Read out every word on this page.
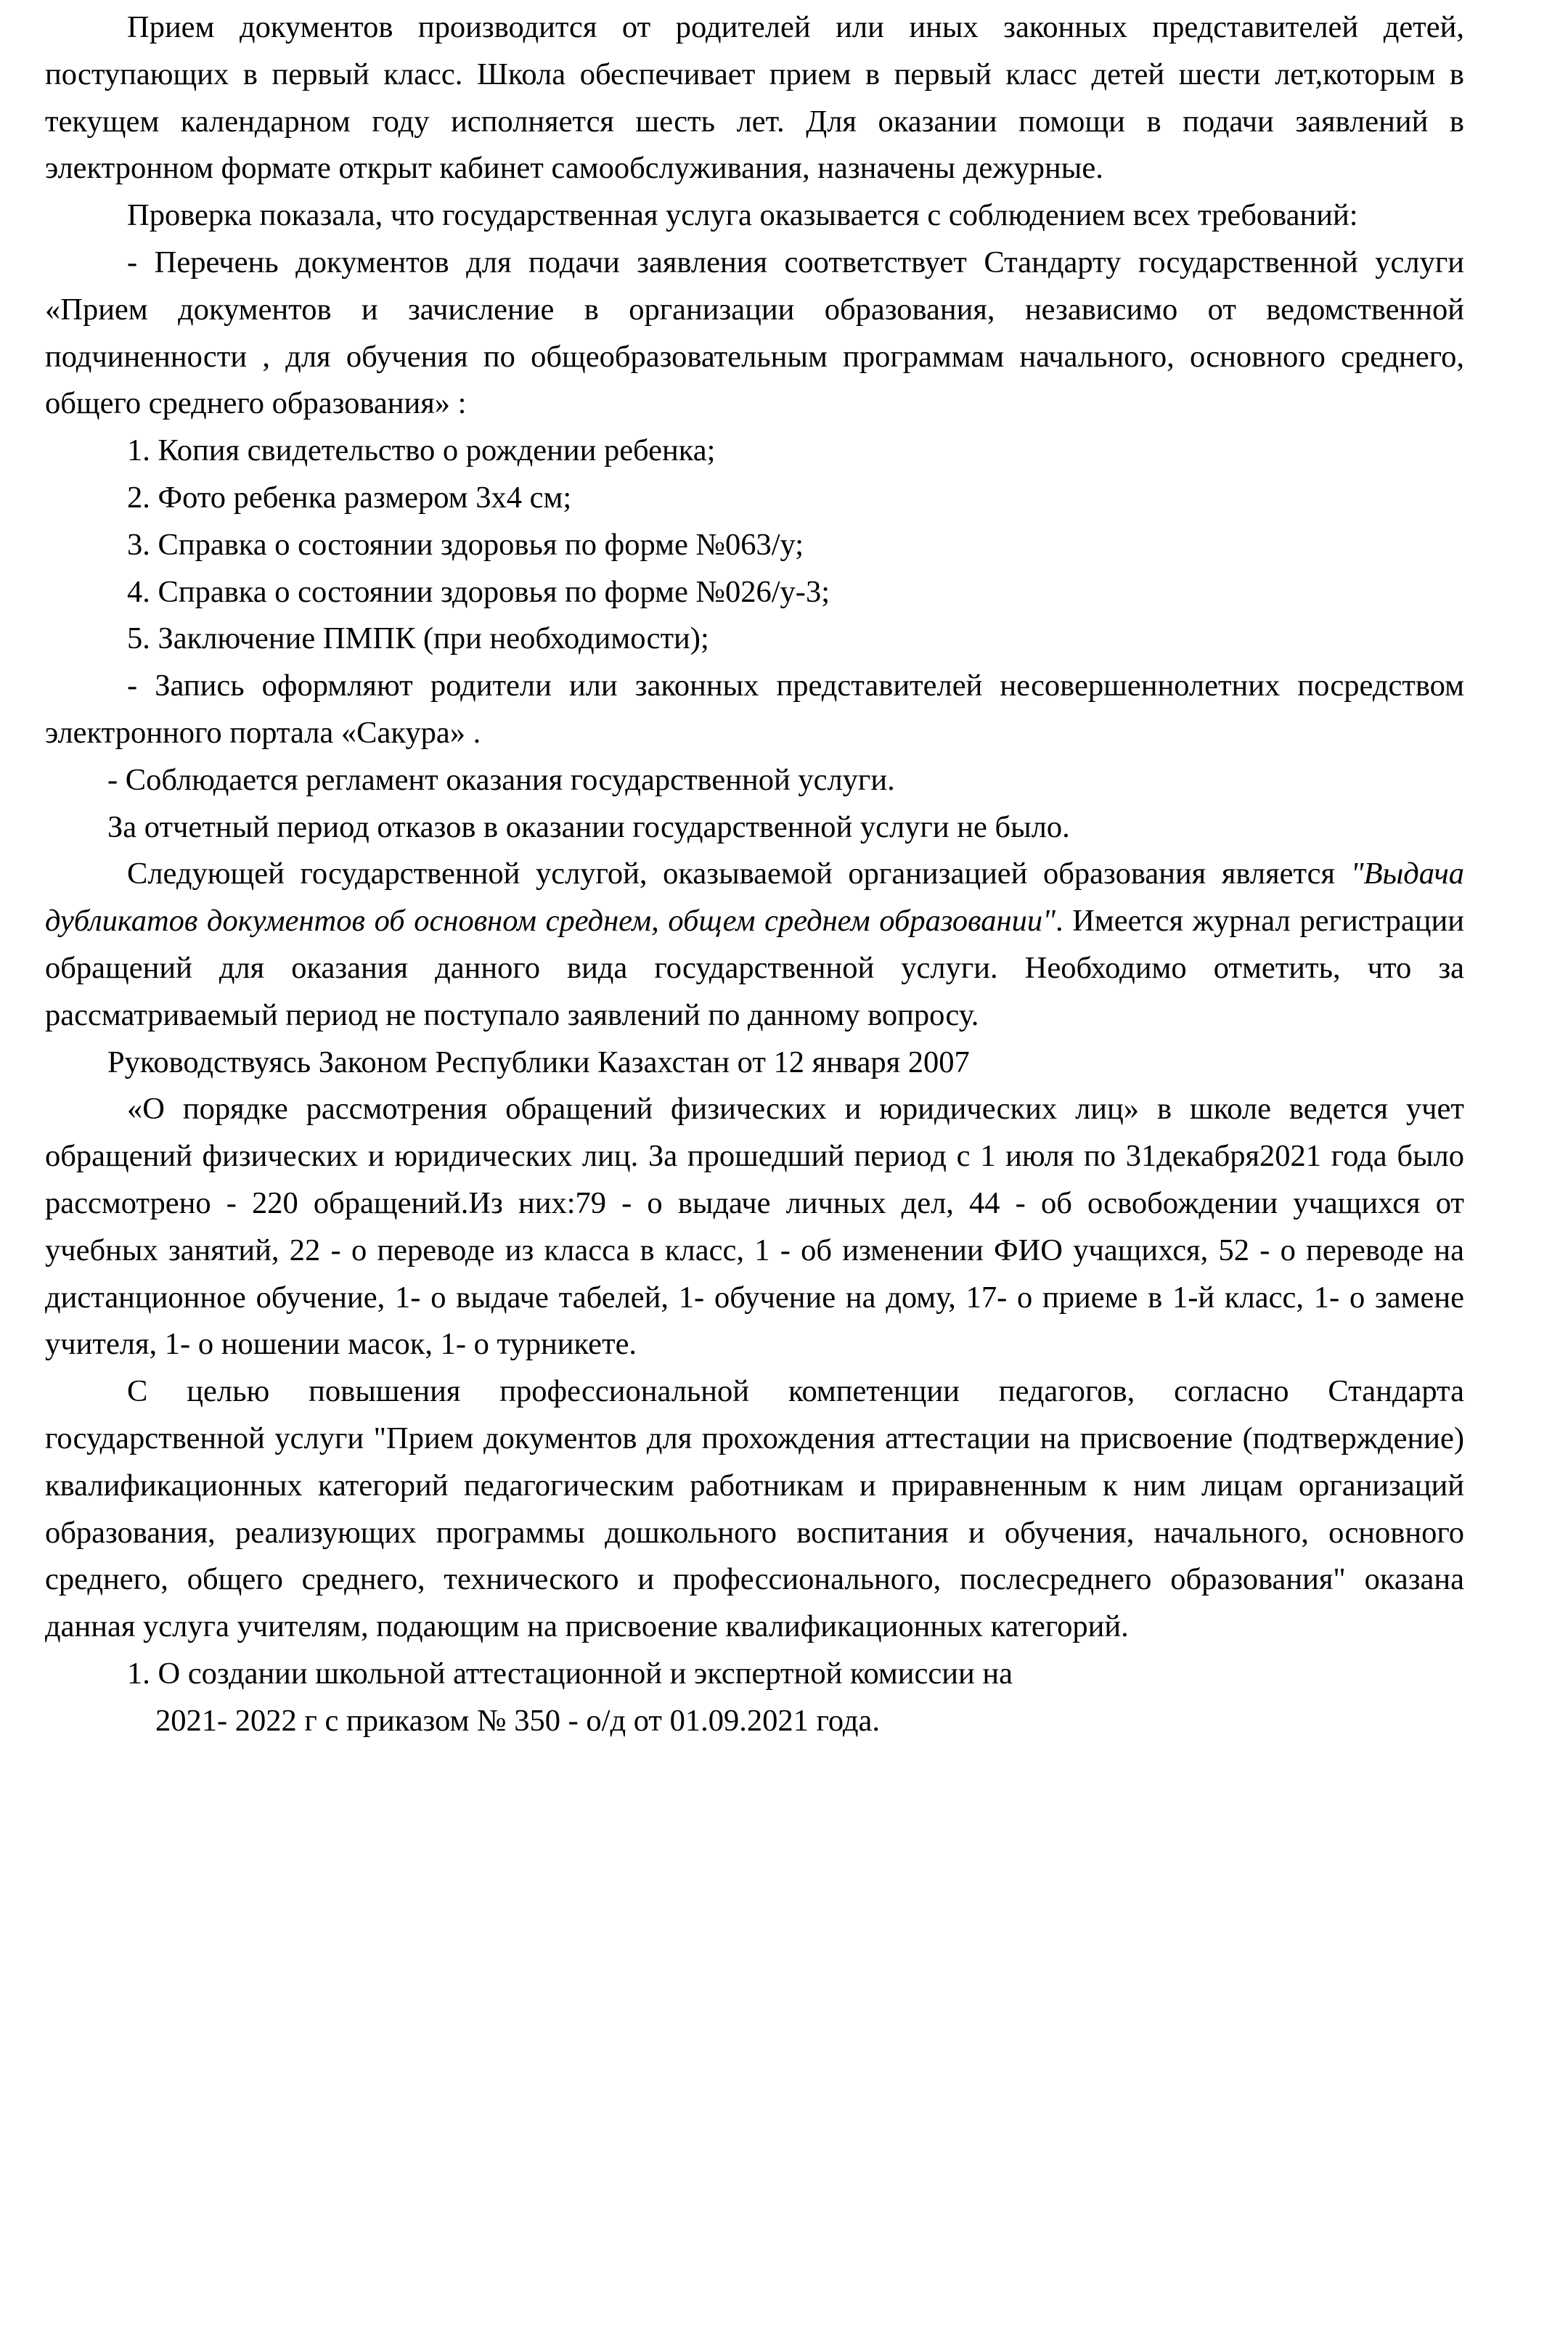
Прием документов производится от родителей или иных законных представителей детей, поступающих в первый класс. Школа обеспечивает прием в первый класс детей шести лет,которым в текущем календарном году исполняется шесть лет. Для оказании помощи в подачи заявлений в электронном формате открыт кабинет самообслуживания, назначены дежурные.

Проверка показала, что государственная услуга оказывается с соблюдением всех требований:

- Перечень документов для подачи заявления соответствует Стандарту государственной услуги «Прием документов и зачисление в организации образования, независимо от ведомственной подчиненности , для обучения по общеобразовательным программам начального, основного среднего, общего среднего образования» :

1. Копия свидетельство о рождении ребенка;

2. Фото ребенка размером 3х4 см;

3. Справка о состоянии здоровья по форме №063/у;

4. Справка о состоянии здоровья по форме №026/у-3;

5. Заключение ПМПК (при необходимости);

- Запись оформляют родители или законных представителей несовершеннолетних посредством электронного портала «Сакура» .

- Соблюдается регламент оказания государственной услуги.

За отчетный период отказов в оказании государственной услуги не было.

Следующей государственной услугой, оказываемой организацией образования является "Выдача дубликатов документов об основном среднем, общем среднем образовании". Имеется журнал регистрации обращений для оказания данного вида государственной услуги. Необходимо отметить, что за рассматриваемый период не поступало заявлений по данному вопросу.

Руководствуясь Законом Республики Казахстан от 12 января 2007

«О порядке рассмотрения обращений физических и юридических лиц» в школе ведется учет обращений физических и юридических лиц. За прошедший период с 1 июля по 31декабря2021 года было рассмотрено - 220 обращений.Из них:79 - о выдаче личных дел, 44 - об освобождении учащихся от учебных занятий, 22 - о переводе из класса в класс, 1 - об изменении ФИО учащихся, 52 - о переводе на дистанционное обучение, 1- о выдаче табелей, 1- обучение на дому, 17- о приеме в 1-й класс, 1- о замене учителя, 1- о ношении масок, 1- о турникете.

С целью повышения профессиональной компетенции педагогов, согласно Стандарта государственной услуги "Прием документов для прохождения аттестации на присвоение (подтверждение) квалификационных категорий педагогическим работникам и приравненным к ним лицам организаций образования, реализующих программы дошкольного воспитания и обучения, начального, основного среднего, общего среднего, технического и профессионального, послесреднего образования" оказана данная услуга учителям, подающим на присвоение квалификационных категорий.

1. О создании школьной аттестационной и экспертной комиссии на

2021- 2022 г с приказом № 350 - о/д от 01.09.2021 года.
